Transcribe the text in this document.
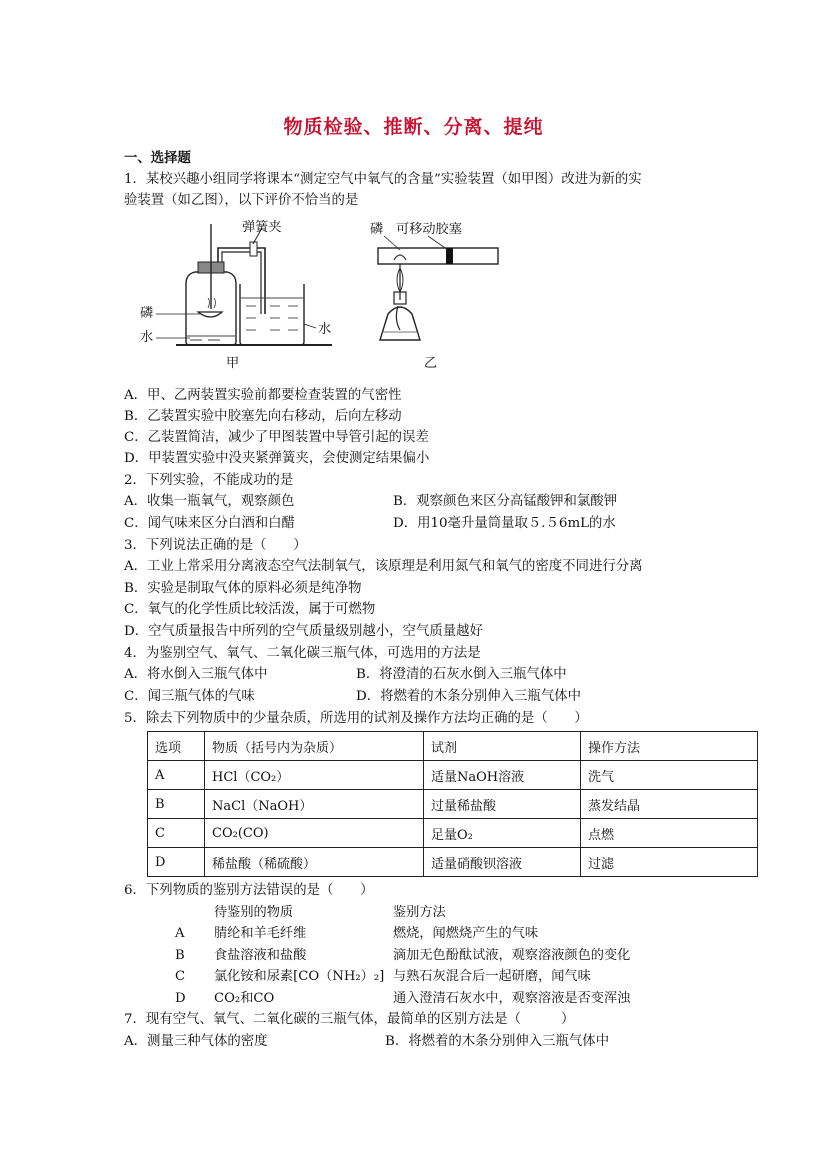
物质检验、推断、分离、提纯
一、选择题
1．某校兴趣小组同学将课本“测定空气中氧气的含量”实验装置（如甲图）改进为新的实
验装置（如乙图），以下评价不恰当的是
弹簧夹
磷
水
水
甲
磷 可移动胶塞
乙
A．甲、乙两装置实验前都要检查装置的气密性
B．乙装置实验中胶塞先向右移动，后向左移动
C．乙装置简洁，减少了甲图装置中导管引起的误差
D．甲装置实验中没夹紧弹簧夹，会使测定结果偏小
2．下列实验，不能成功的是
A．收集一瓶氧气，观察颜色	B．观察颜色来区分高锰酸钾和氯酸钾
C．闻气味来区分白酒和白醋	D．用10毫升量筒量取５.５6mL的水
3．下列说法正确的是（　　）
A．工业上常采用分离液态空气法制氧气，该原理是利用氮气和氧气的密度不同进行分离
B．实验是制取气体的原料必须是纯净物
C．氧气的化学性质比较活泼，属于可燃物
D．空气质量报告中所列的空气质量级别越小，空气质量越好
4．为鉴别空气、氧气、二氧化碳三瓶气体，可选用的方法是
A．将水倒入三瓶气体中	B．将澄清的石灰水倒入三瓶气体中
C．闻三瓶气体的气味	D．将燃着的木条分别伸入三瓶气体中
5．除去下列物质中的少量杂质，所选用的试剂及操作方法均正确的是（　　）
选项	物质（括号内为杂质）	试剂	操作方法
A	HCl（CO₂）	适量NaOH溶液	洗气
B	NaCl（NaOH）	过量稀盐酸	蒸发结晶
C	CO₂(CO)	足量O₂	点燃
D	稀盐酸（稀硫酸）	适量硝酸钡溶液	过滤
6．下列物质的鉴别方法错误的是（　　）
待鉴别的物质	鉴别方法
A 腈纶和羊毛纤维	燃烧，闻燃烧产生的气味
B 食盐溶液和盐酸	滴加无色酚酞试液，观察溶液颜色的变化
C 氯化铵和尿素[CO（NH₂）₂] 与熟石灰混合后一起研磨，闻气味
D CO₂和CO	通入澄清石灰水中，观察溶液是否变浑浊
7．现有空气、氧气、二氧化碳的三瓶气体，最简单的区别方法是（　　　）
A．测量三种气体的密度	B．将燃着的木条分别伸入三瓶气体中
